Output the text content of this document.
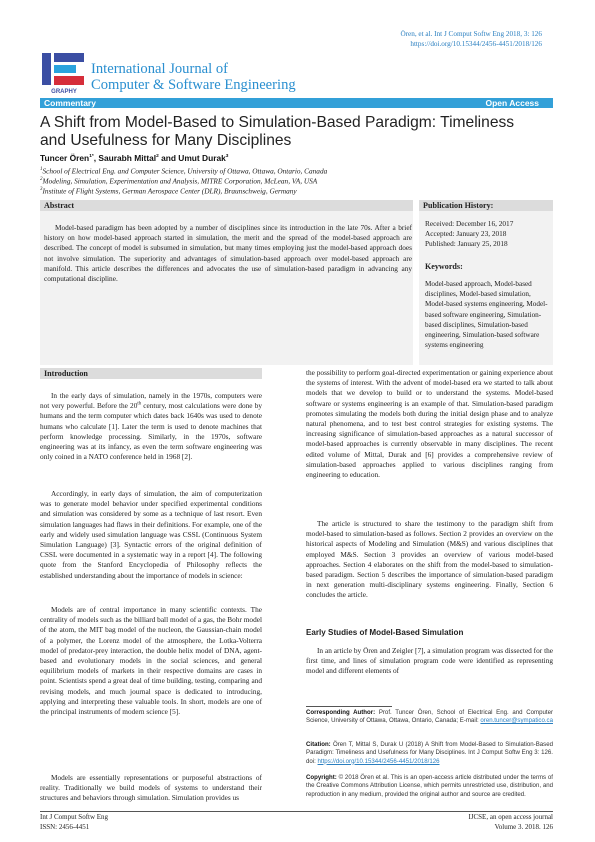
Ören, et al. Int J Comput Softw Eng 2018, 3: 126
https://doi.org/10.15344/2456-4451/2018/126
GRAPHY
International Journal of
Computer & Software Engineering
Commentary	Open Access
A Shift from Model-Based to Simulation-Based Paradigm: Timeliness
and Usefulness for Many Disciplines
Tuncer Ören$^{1*}$, Saurabh Mittal$^2$ and Umut Durak$^3$
$^1$School of Electrical Eng. and Computer Science, University of Ottawa, Ottawa, Ontario, Canada
$^2$Modeling, Simulation, Experimentation and Analysis, MITRE Corporation, McLean, VA, USA
$^3$Institute of Flight Systems, German Aerospace Center (DLR), Braunschweig, Germany
Abstract
Model-based paradigm has been adopted by a number of disciplines since its introduction in the late 70s. After a brief history on how model-based approach started in simulation, the merit and the spread of the model-based approach are described. The concept of model is subsumed in simulation, but many times employing just the model-based approach does not involve simulation. The superiority and advantages of simulation-based approach over model-based approach are manifold. This article describes the differences and advocates the use of simulation-based paradigm in advancing any computational discipline.
Publication History:
Received: December 16, 2017
Accepted: January 23, 2018
Published: January 25, 2018
Keywords:
Model-based approach, Model-based disciplines, Model-based simulation, Model-based systems engineering, Model-based software engineering, Simulation-based disciplines, Simulation-based engineering, Simulation-based software systems engineering
Introduction
In the early days of simulation, namely in the 1970s, computers were not very powerful. Before the 20th century, most calculations were done by humans and the term computer which dates back 1640s was used to denote humans who calculate [1]. Later the term is used to denote machines that perform knowledge processing. Similarly, in the 1970s, software engineering was at its infancy, as even the term software engineering was only coined in a NATO conference held in 1968 [2].
Accordingly, in early days of simulation, the aim of computerization was to generate model behavior under specified experimental conditions and simulation was considered by some as a technique of last resort. Even simulation languages had flaws in their definitions. For example, one of the early and widely used simulation language was CSSL (Continuous System Simulation Language) [3]. Syntactic errors of the original definition of CSSL were documented in a systematic way in a report [4]. The following quote from the Stanford Encyclopedia of Philosophy reflects the established understanding about the importance of models in science:
Models are of central importance in many scientific contexts. The centrality of models such as the billiard ball model of a gas, the Bohr model of the atom, the MIT bag model of the nucleon, the Gaussian-chain model of a polymer, the Lorenz model of the atmosphere, the Lotka-Volterra model of predator-prey interaction, the double helix model of DNA, agent-based and evolutionary models in the social sciences, and general equilibrium models of markets in their respective domains are cases in point. Scientists spend a great deal of time building, testing, comparing and revising models, and much journal space is dedicated to introducing, applying and interpreting these valuable tools. In short, models are one of the principal instruments of modern science [5].
Models are essentially representations or purposeful abstractions of reality. Traditionally we build models of systems to understand their structures and behaviors through simulation. Simulation provides us
the possibility to perform goal-directed experimentation or gaining experience about the systems of interest. With the advent of model-based era we started to talk about models that we develop to build or to understand the systems. Model-based software or systems engineering is an example of that. Simulation-based paradigm promotes simulating the models both during the initial design phase and to analyze natural phenomena, and to test best control strategies for existing systems. The increasing significance of simulation-based approaches as a natural successor of model-based approaches is currently observable in many disciplines. The recent edited volume of Mittal, Durak and [6] provides a comprehensive review of simulation-based approaches applied to various disciplines ranging from engineering to education.
The article is structured to share the testimony to the paradigm shift from model-based to simulation-based as follows. Section 2 provides an overview on the historical aspects of Modeling and Simulation (M&S) and various disciplines that employed M&S. Section 3 provides an overview of various model-based approaches. Section 4 elaborates on the shift from the model-based to simulation-based paradigm. Section 5 describes the importance of simulation-based paradigm in next generation multi-disciplinary systems engineering. Finally, Section 6 concludes the article.
Early Studies of Model-Based Simulation
In an article by Ören and Zeigler [7], a simulation program was dissected for the first time, and lines of simulation program code were identified as representing model and different elements of
Corresponding Author: Prof. Tuncer Ören, School of Electrical Eng. and Computer Science, University of Ottawa, Ottawa, Ontario, Canada; E-mail: oren.tuncer@sympatico.ca
Citation: Ören T, Mittal S, Durak U (2018) A Shift from Model-Based to Simulation-Based Paradigm: Timeliness and Usefulness for Many Disciplines. Int J Comput Softw Eng 3: 126. doi: https://doi.org/10.15344/2456-4451/2018/126
Copyright: © 2018 Ören et al. This is an open-access article distributed under the terms of the Creative Commons Attribution License, which permits unrestricted use, distribution, and reproduction in any medium, provided the original author and source are credited.
Int J Comput Softw Eng
ISSN: 2456-4451
IJCSE, an open access journal
Volume 3. 2018. 126
